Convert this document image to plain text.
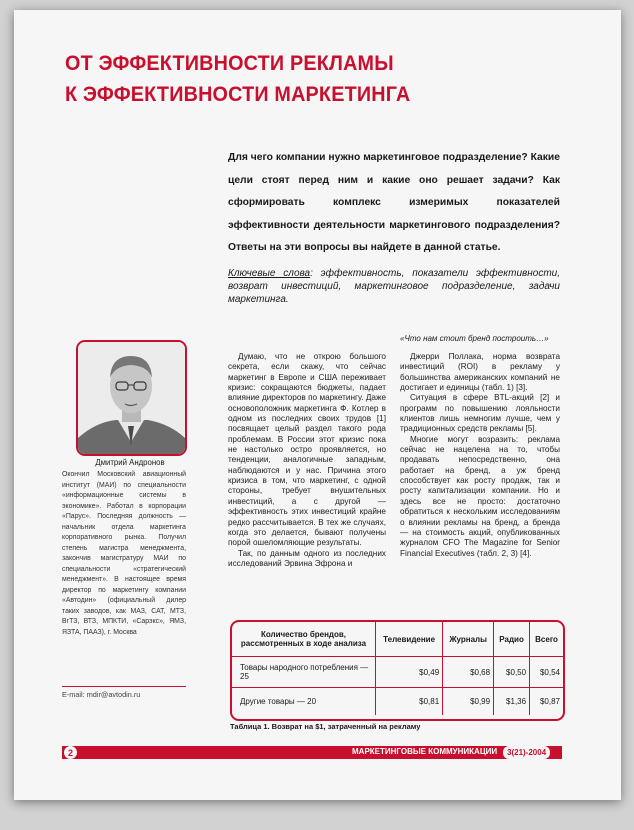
ОТ ЭФФЕКТИВНОСТИ РЕКЛАМЫ
К ЭФФЕКТИВНОСТИ МАРКЕТИНГА

Для чего компании нужно маркетинговое подразделение? Какие цели стоят перед ним и какие оно решает задачи? Как сформировать комплекс измеримых показателей эффективности деятельности маркетингового подразделения? Ответы на эти вопросы вы найдете в данной статье.

Ключевые слова: эффективность, показатели эффективности, возврат инвестиций, маркетинговое подразделение, задачи маркетинга.

«Что нам стоит бренд построить…»
Дмитрий Андронов

Окончил Московский авиационный институт (МАИ) по специальности «информационные системы в экономике». Работал в корпорации «Парус». Последняя должность — начальник отдела маркетинга корпоративного рынка. Получил степень магистра менеджмента, закончив магистратуру МАИ по специальности «стратегический менеджмент». В настоящее время директор по маркетингу компании «Автодин» (официальный дилер таких заводов, как МАЗ, САТ, МТЗ, ВгТЗ, ВТЗ, МПКТИ, «Сарэкс», ЯМЗ, ЯЗТА, ПААЗ), г. Москва

E-mail: mdir@avtodin.ru

Думаю, что не открою большого секрета, если скажу, что сейчас маркетинг в Европе и США переживает кризис: сокращаются бюджеты, падает влияние директоров по маркетингу. Даже основоположник маркетинга Ф. Котлер в одном из последних своих трудов [1] посвящает целый раздел такого рода проблемам. В России этот кризис пока не настолько остро проявляется, но тенденции, аналогичные западным, наблюдаются и у нас. Причина этого кризиса в том, что маркетинг, с одной стороны, требует внушительных инвестиций, а с другой — эффективность этих инвестиций крайне редко рассчитывается. В тех же случаях, когда это делается, бывают получены порой ошеломляющие результаты.

Так, по данным одного из последних исследований Эрвина Эфрона и

Джерри Поллака, норма возврата инвестиций (ROI) в рекламу у большинства американских компаний не достигает и единицы (табл. 1) [3].

Ситуация в сфере BTL-акций [2] и программ по повышению лояльности клиентов лишь немногим лучше, чем у традиционных средств рекламы [5].

Многие могут возразить: реклама сейчас не нацелена на то, чтобы продавать непосредственно, она работает на бренд, а уж бренд способствует как росту продаж, так и росту капитализации компании. Но и здесь все не просто: достаточно обратиться к нескольким исследованиям о влиянии рекламы на бренд, а бренда — на стоимость акций, опубликованных журналом CFO The Magazine for Senior Financial Executives (табл. 2, 3) [4].

Количество брендов, рассмотренных в ходе анализа	Телевидение	Журналы	Радио	Всего
Товары народного потребления — 25	$0,49	$0,68	$0,50	$0,54
Другие товары — 20	$0,81	$0,99	$1,36	$0,87
Таблица 1. Возврат на $1, затраченный на рекламу
2	МАРКЕТИНГОВЫЕ КОММУНИКАЦИИ	3(21)-2004
